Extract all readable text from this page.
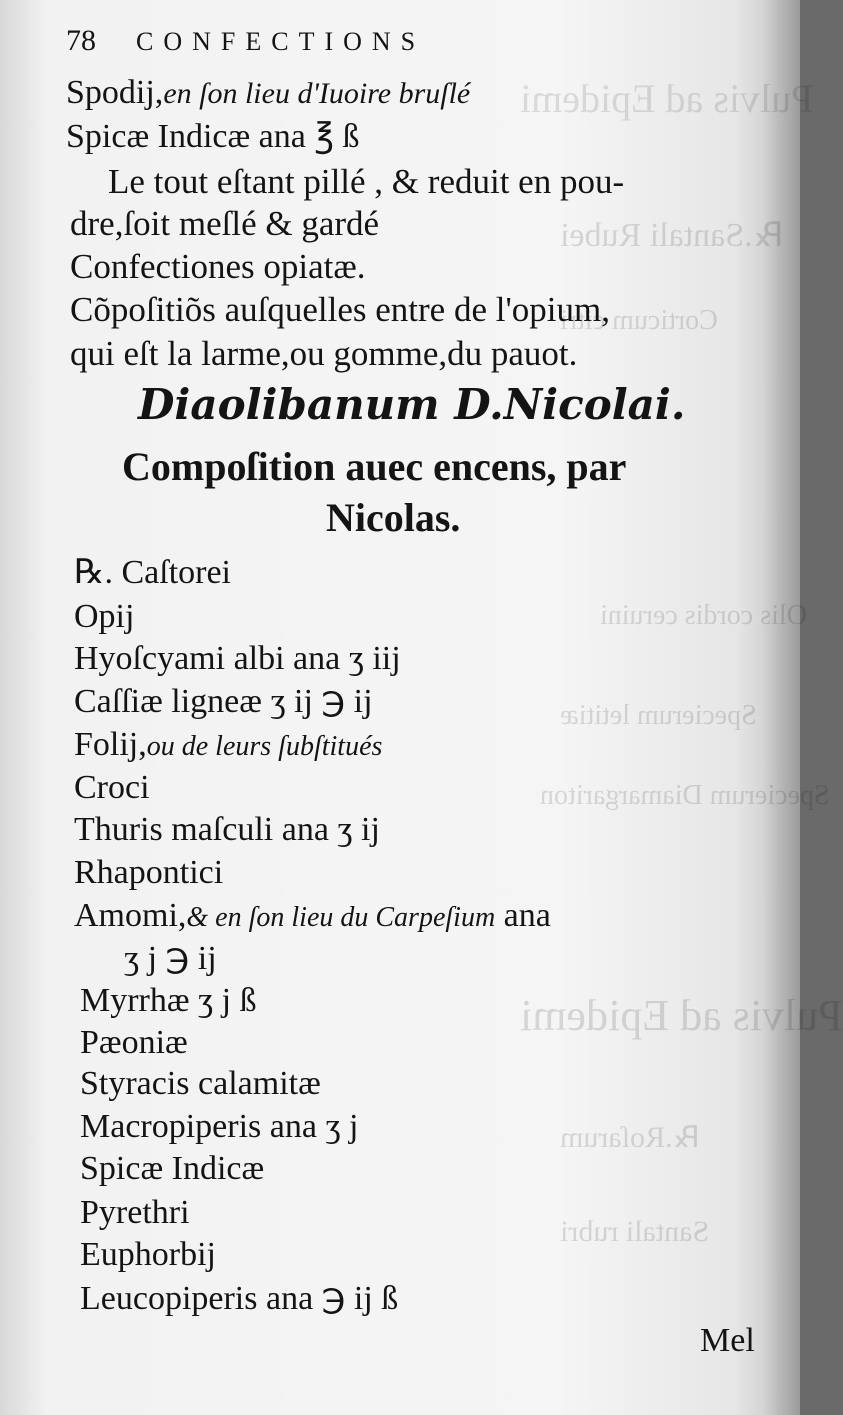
Pulvis ad Epidemi
℞.Santali Rubei
Corticum citri
Olis cordis ceruini
Specierum letitiæ
Specierum Diamargariton
Pulvis ad Epidemi
℞.Roſarum
Santali rubri
78 CONFECTIONS
Spodij,en ſon lieu d'Iuoire bruſlé
Spicæ Indicæ ana ℥ ß
Le tout eſtant pillé , & reduit en pou-
dre,ſoit meſlé & gardé
Confectiones opiatæ.
Cõpoſitiõs auſquelles entre de l'opium,
qui eſt la larme,ou gomme,du pauot.
Diaolibanum D.Nicolai.
Compoſition auec encens, par
Nicolas.
℞. Caſtorei
Opij
Hyoſcyami albi ana ʒ iij
Caſſiæ ligneæ ʒ ij ℈ ij
Folij,ou de leurs ſubſtitués
Croci
Thuris maſculi ana ʒ ij
Rhapontici
Amomi,& en ſon lieu du Carpeſium ana
ʒ j ℈ ij
Myrrhæ ʒ j ß
Pæoniæ
Styracis calamitæ
Macropiperis ana ʒ j
Spicæ Indicæ
Pyrethri
Euphorbij
Leucopiperis ana ℈ ij ß
Mel
